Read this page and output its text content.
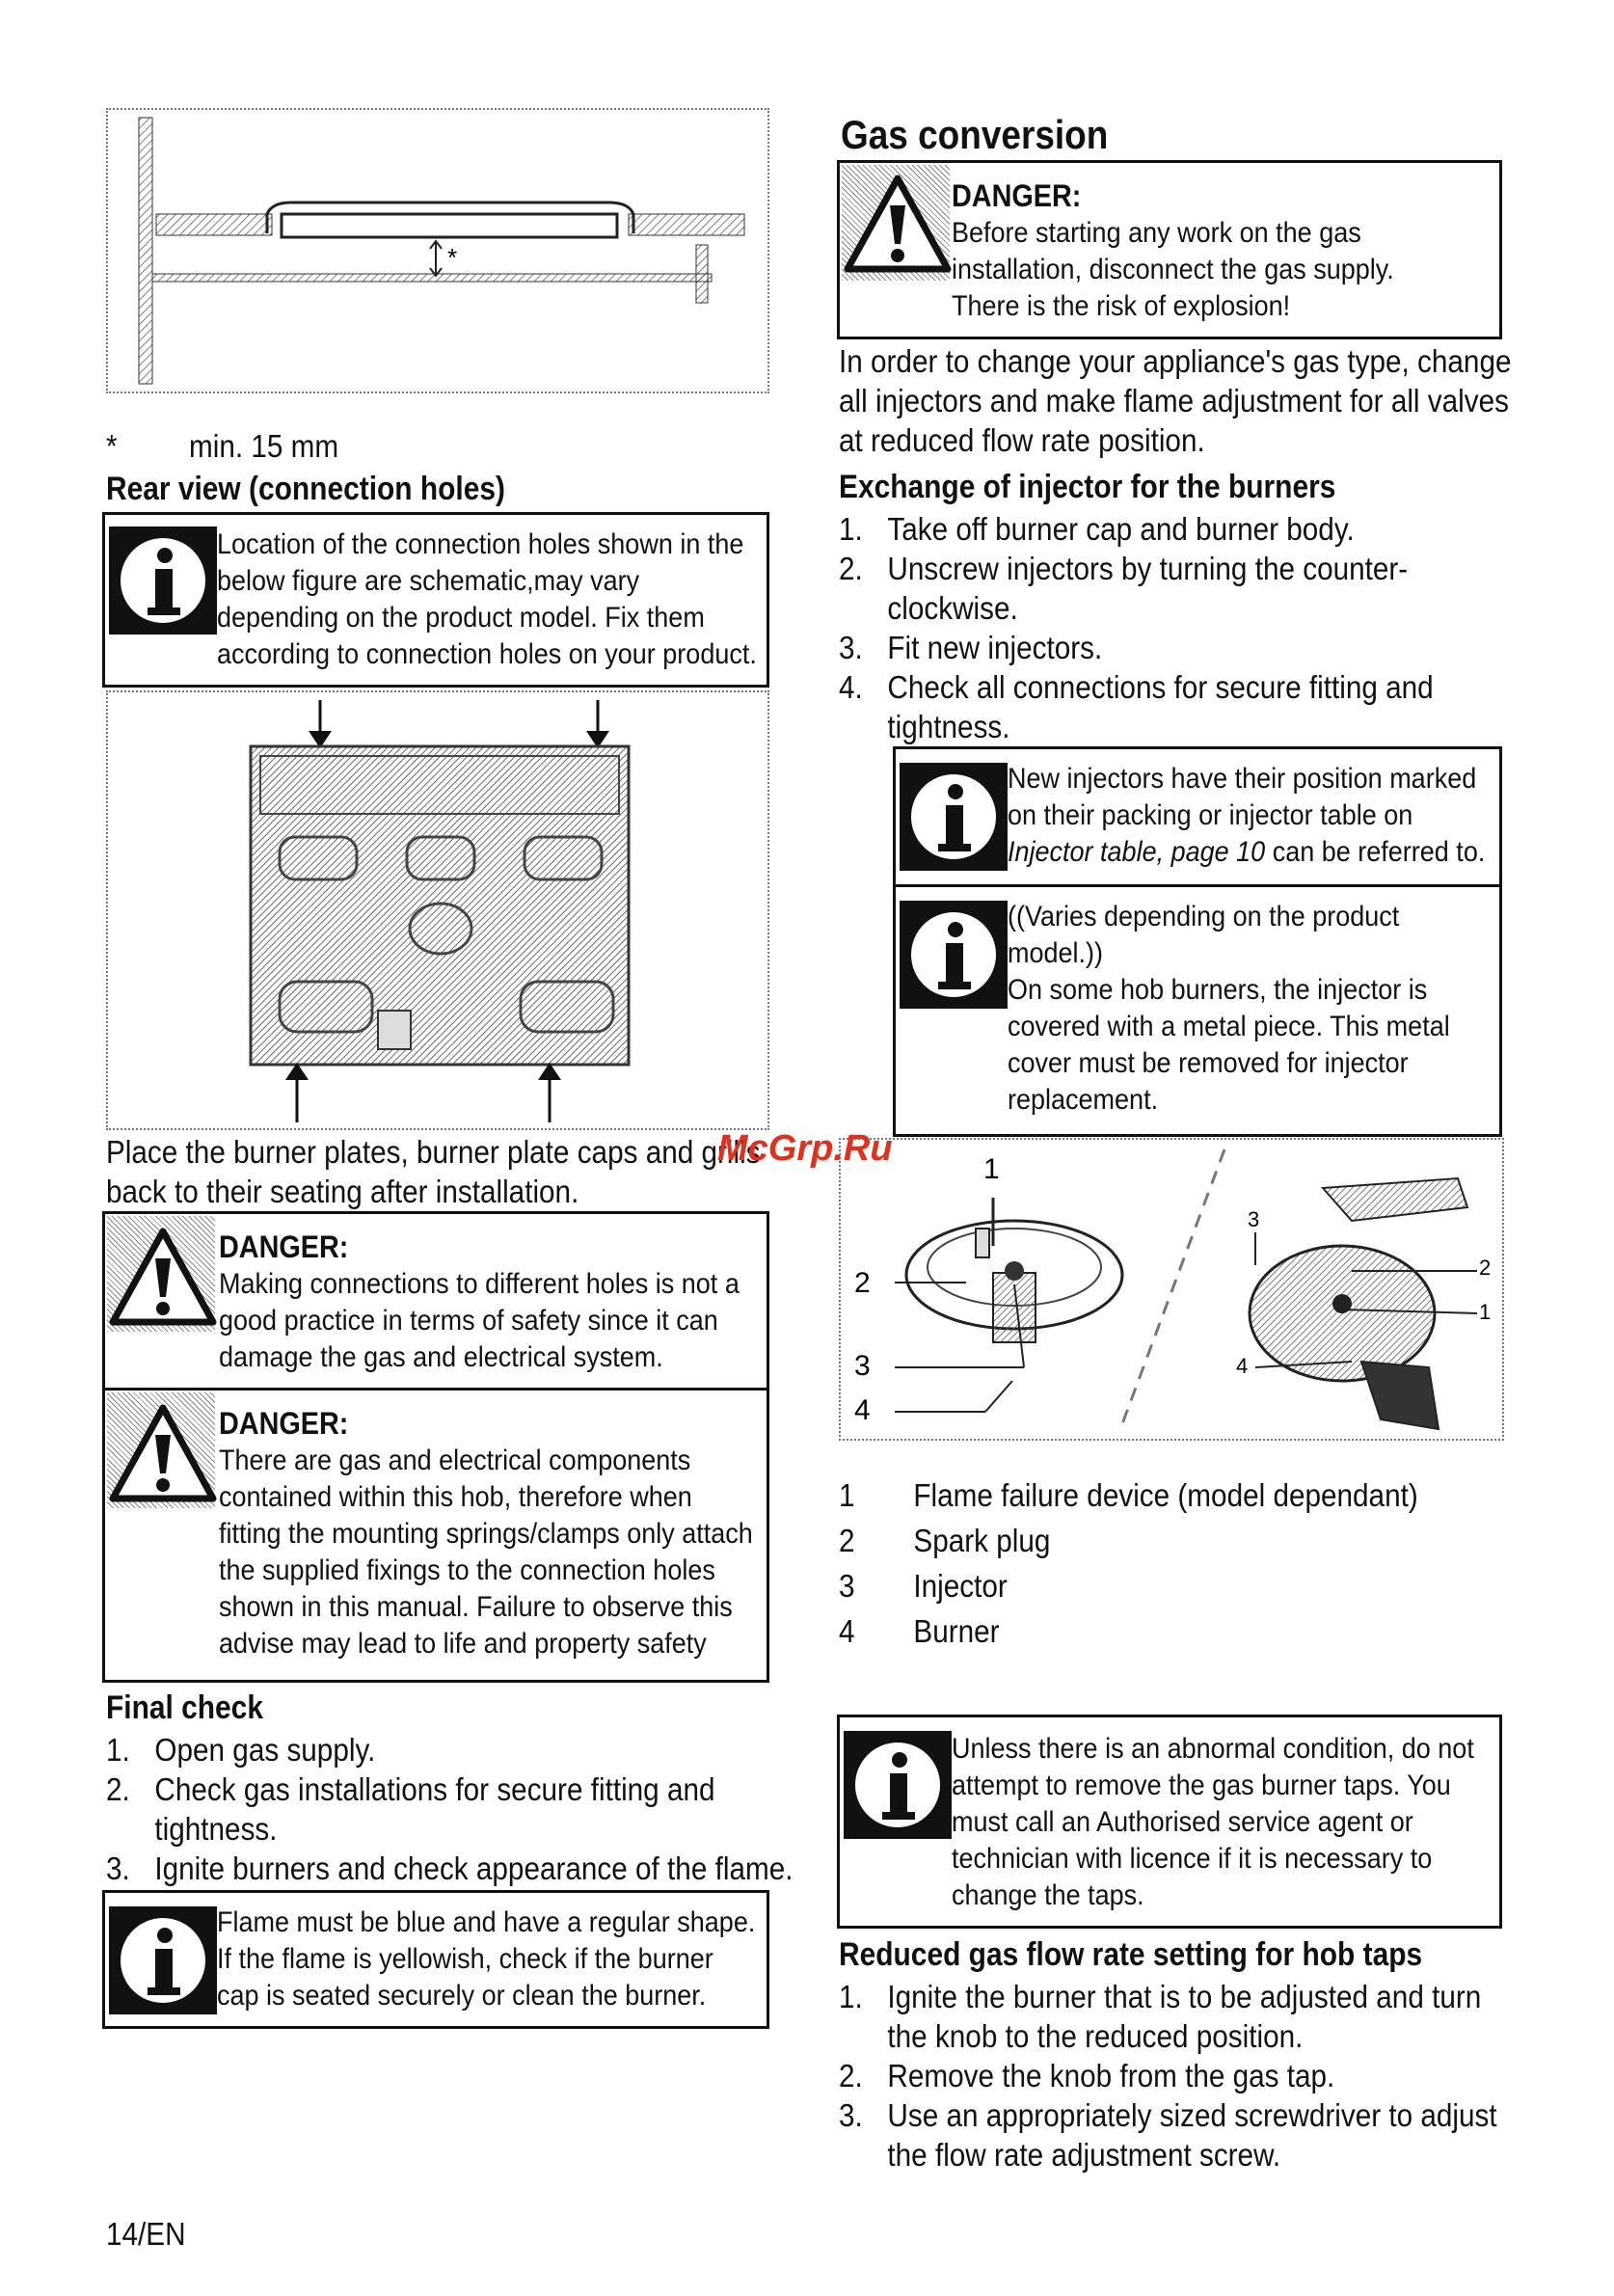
*
* min. 15 mm
Rear view (connection holes)
Location of the connection holes shown in the
below figure are schematic,may vary
depending on the product model. Fix them
according to connection holes on your product.
Place the burner plates, burner plate caps and grills
back to their seating after installation.
DANGER:
Making connections to different holes is not a
good practice in terms of safety since it can
damage the gas and electrical system.
DANGER:
There are gas and electrical components
contained within this hob, therefore when
fitting the mounting springs/clamps only attach
the supplied fixings to the connection holes
shown in this manual. Failure to observe this
advise may lead to life and property safety
Final check
1. Open gas supply.
2. Check gas installations for secure fitting and
tightness.
3. Ignite burners and check appearance of the flame.
Flame must be blue and have a regular shape.
If the flame is yellowish, check if the burner
cap is seated securely or clean the burner.
14/EN
Gas conversion
DANGER:
Before starting any work on the gas
installation, disconnect the gas supply.
There is the risk of explosion!
In order to change your appliance's gas type, change
all injectors and make flame adjustment for all valves
at reduced flow rate position.
Exchange of injector for the burners
1. Take off burner cap and burner body.
2. Unscrew injectors by turning the counter-
clockwise.
3. Fit new injectors.
4. Check all connections for secure fitting and
tightness.
New injectors have their position marked
on their packing or injector table on
Injector table, page 10 can be referred to.
((Varies depending on the product
model.))
On some hob burners, the injector is
covered with a metal piece. This metal
cover must be removed for injector
replacement.
1
2
3
4
3
2
1
4
1 Flame failure device (model dependant)
2 Spark plug
3 Injector
4 Burner
Unless there is an abnormal condition, do not
attempt to remove the gas burner taps. You
must call an Authorised service agent or
technician with licence if it is necessary to
change the taps.
Reduced gas flow rate setting for hob taps
1. Ignite the burner that is to be adjusted and turn
the knob to the reduced position.
2. Remove the knob from the gas tap.
3. Use an appropriately sized screwdriver to adjust
the flow rate adjustment screw.
McGrp.Ru
